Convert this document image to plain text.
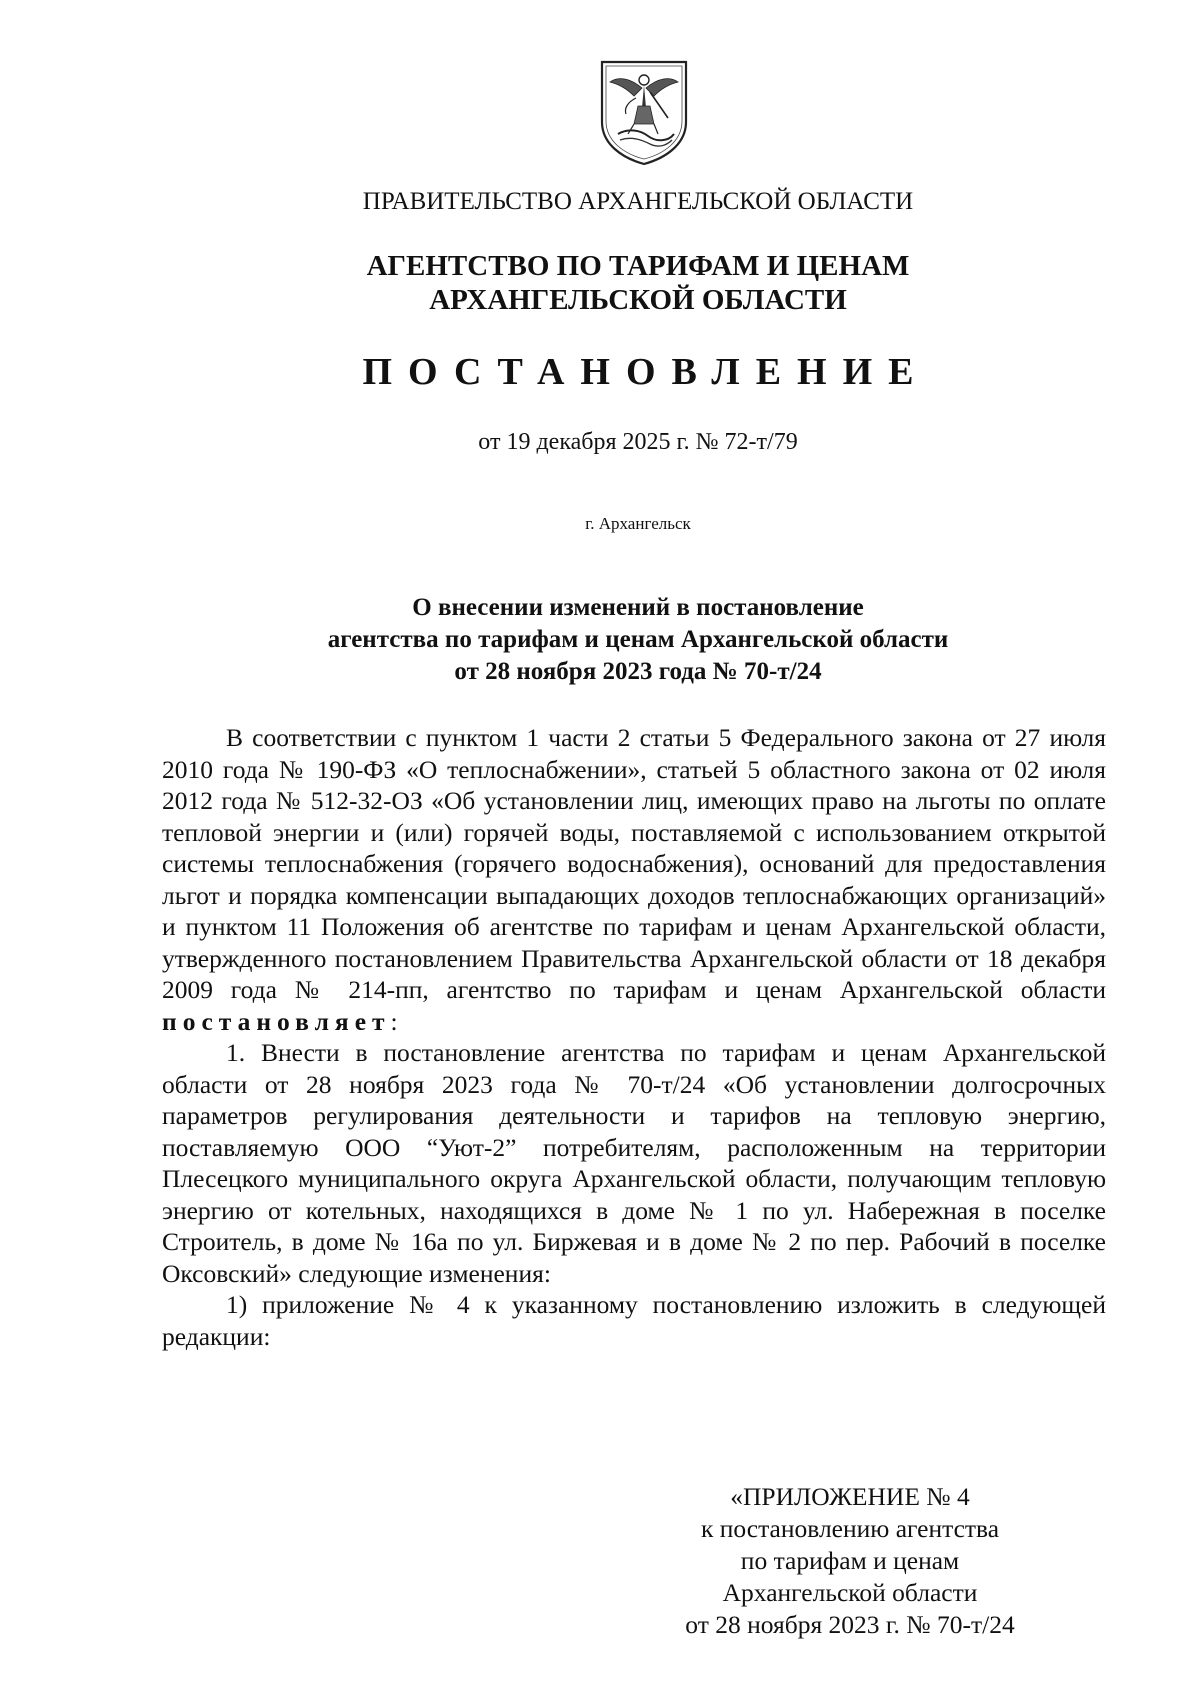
ПРАВИТЕЛЬСТВО АРХАНГЕЛЬСКОЙ ОБЛАСТИ
АГЕНТСТВО ПО ТАРИФАМ И ЦЕНАМ
АРХАНГЕЛЬСКОЙ ОБЛАСТИ
ПОСТАНОВЛЕНИЕ
от 19 декабря 2025 г. № 72-т/79
г. Архангельск
О внесении изменений в постановление
агентства по тарифам и ценам Архангельской области
от 28 ноября 2023 года № 70-т/24

В соответствии с пунктом 1 части 2 статьи 5 Федерального закона от 27 июля 2010 года № 190-ФЗ «О теплоснабжении», статьей 5 областного закона от 02 июля 2012 года № 512-32-ОЗ «Об установлении лиц, имеющих право на льготы по оплате тепловой энергии и (или) горячей воды, поставляемой с использованием открытой системы теплоснабжения (горячего водоснабжения), оснований для предоставления льгот и порядка компенсации выпадающих доходов теплоснабжающих организаций» и пунктом 11 Положения об агентстве по тарифам и ценам Архангельской области, утвержденного постановлением Правительства Архангельской области от 18 декабря 2009 года № 214-пп, агентство по тарифам и ценам Архангельской области постановляет:

1. Внести в постановление агентства по тарифам и ценам Архангельской области от 28 ноября 2023 года № 70-т/24 «Об установлении долгосрочных параметров регулирования деятельности и тарифов на тепловую энергию, поставляемую ООО “Уют-2” потребителям, расположенным на территории Плесецкого муниципального округа Архангельской области, получающим тепловую энергию от котельных, находящихся в доме № 1 по ул. Набережная в поселке Строитель, в доме № 16а по ул. Биржевая и в доме № 2 по пер. Рабочий в поселке Оксовский» следующие изменения:

1) приложение № 4 к указанному постановлению изложить в следующей редакции:

«ПРИЛОЖЕНИЕ № 4
к постановлению агентства
по тарифам и ценам
Архангельской области
от 28 ноября 2023 г. № 70-т/24
